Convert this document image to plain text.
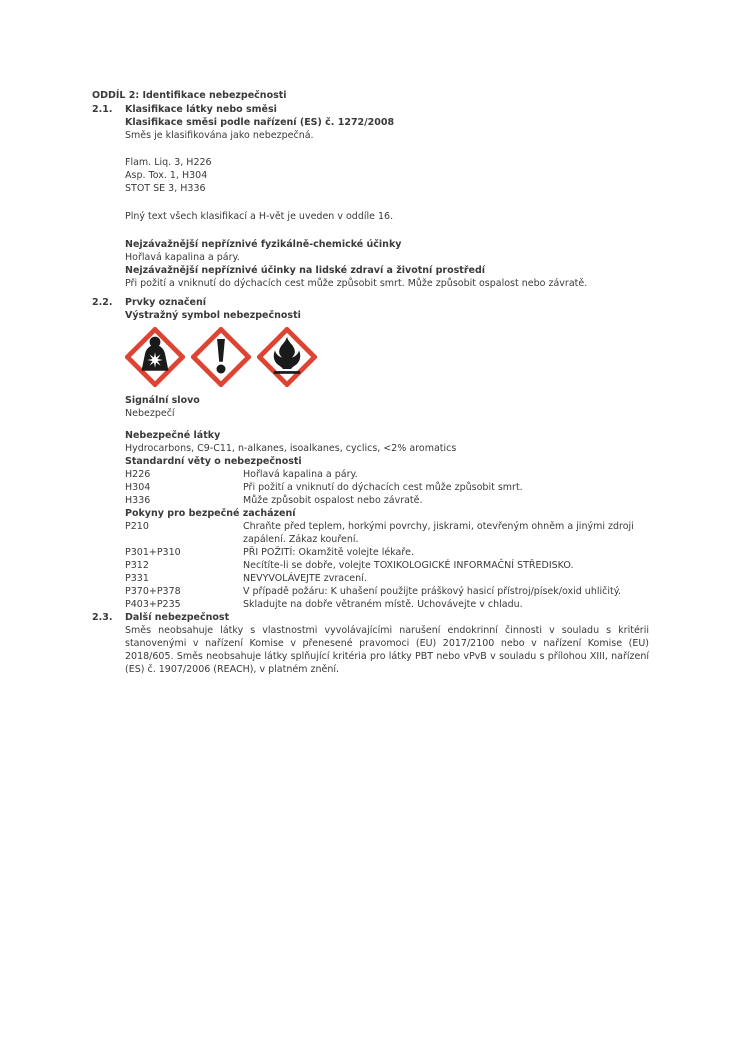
ODDÍL 2: Identifikace nebezpečnosti
2.1.	Klasifikace látky nebo směsi
Klasifikace směsi podle nařízení (ES) č. 1272/2008
Směs je klasifikována jako nebezpečná.
Flam. Liq. 3, H226
Asp. Tox. 1, H304
STOT SE 3, H336
Plný text všech klasifikací a H-vět je uveden v oddíle 16.
Nejzávažnější nepříznivé fyzikálně-chemické účinky
Hořlavá kapalina a páry.
Nejzávažnější nepříznivé účinky na lidské zdraví a životní prostředí
Při požití a vniknutí do dýchacích cest může způsobit smrt. Může způsobit ospalost nebo závratě.
2.2.	Prvky označení
Výstražný symbol nebezpečnosti
Signální slovo
Nebezpečí
Nebezpečné látky
Hydrocarbons, C9-C11, n-alkanes, isoalkanes, cyclics, <2% aromatics
Standardní věty o nebezpečnosti
H226	Hořlavá kapalina a páry.
H304	Při požití a vniknutí do dýchacích cest může způsobit smrt.
H336	Může způsobit ospalost nebo závratě.
Pokyny pro bezpečné zacházení
P210	Chraňte před teplem, horkými povrchy, jiskrami, otevřeným ohněm a jinými zdroji zapálení. Zákaz kouření.
P301+P310	PŘI POŽITÍ: Okamžitě volejte lékaře.
P312	Necítíte-li se dobře, volejte TOXIKOLOGICKÉ INFORMAČNÍ STŘEDISKO.
P331	NEVYVOLÁVEJTE zvracení.
P370+P378	V případě požáru: K uhašení použijte práškový hasicí přístroj/písek/oxid uhličitý.
P403+P235	Skladujte na dobře větraném místě. Uchovávejte v chladu.
2.3.	Další nebezpečnost
Směs neobsahuje látky s vlastnostmi vyvolávajícími narušení endokrinní činnosti v souladu s kritérii stanovenými v nařízení Komise v přenesené pravomoci (EU) 2017/2100 nebo v nařízení Komise (EU) 2018/605. Směs neobsahuje látky splňující kritéria pro látky PBT nebo vPvB v souladu s přílohou XIII, nařízení (ES) č. 1907/2006 (REACH), v platném znění.
